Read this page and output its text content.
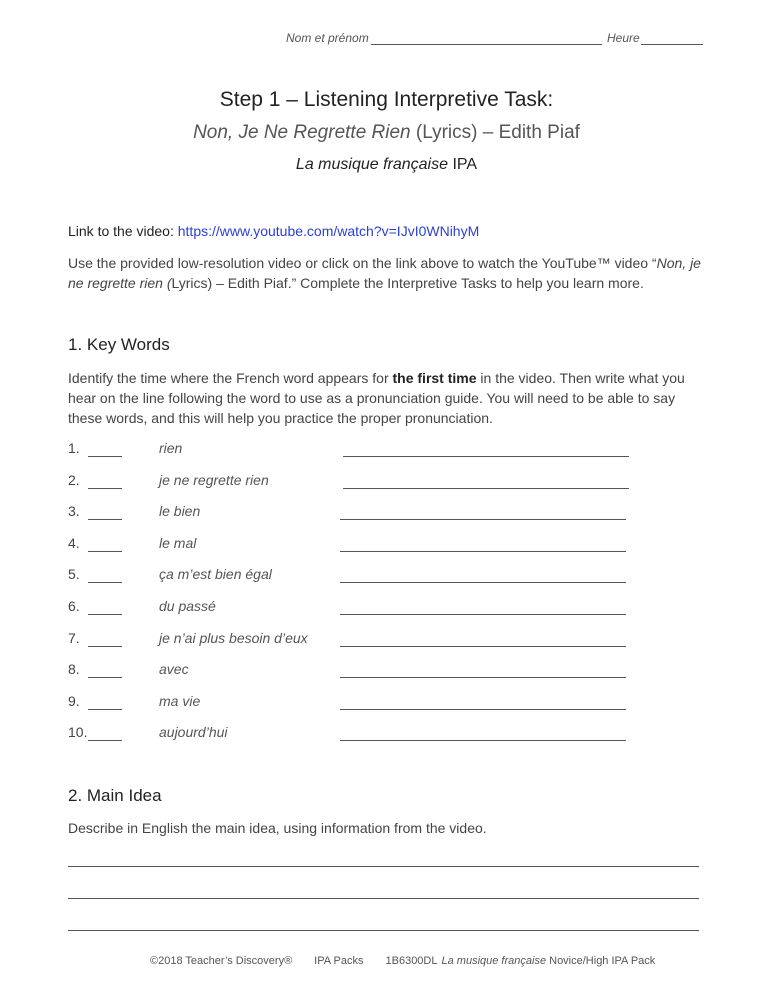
Nom et prénom	Heure
Step 1 – Listening Interpretive Task:
Non, Je Ne Regrette Rien (Lyrics) – Edith Piaf
La musique française IPA
Link to the video: https://www.youtube.com/watch?v=IJvI0WNihyM
Use the provided low-resolution video or click on the link above to watch the YouTube™ video “Non, je ne regrette rien (Lyrics) – Edith Piaf.” Complete the Interpretive Tasks to help you learn more.
1. Key Words
Identify the time where the French word appears for the first time in the video. Then write what you hear on the line following the word to use as a pronunciation guide. You will need to be able to say these words, and this will help you practice the proper pronunciation.
1.	rien
2.	je ne regrette rien
3.	le bien
4.	le mal
5.	ça m’est bien égal
6.	du passé
7.	je n’ai plus besoin d’eux
8.	avec
9.	ma vie
10.	aujourd’hui
2. Main Idea
Describe in English the main idea, using information from the video.
©2018 Teacher’s Discovery® IPA Packs 1B6300DL La musique française Novice/High IPA Pack
